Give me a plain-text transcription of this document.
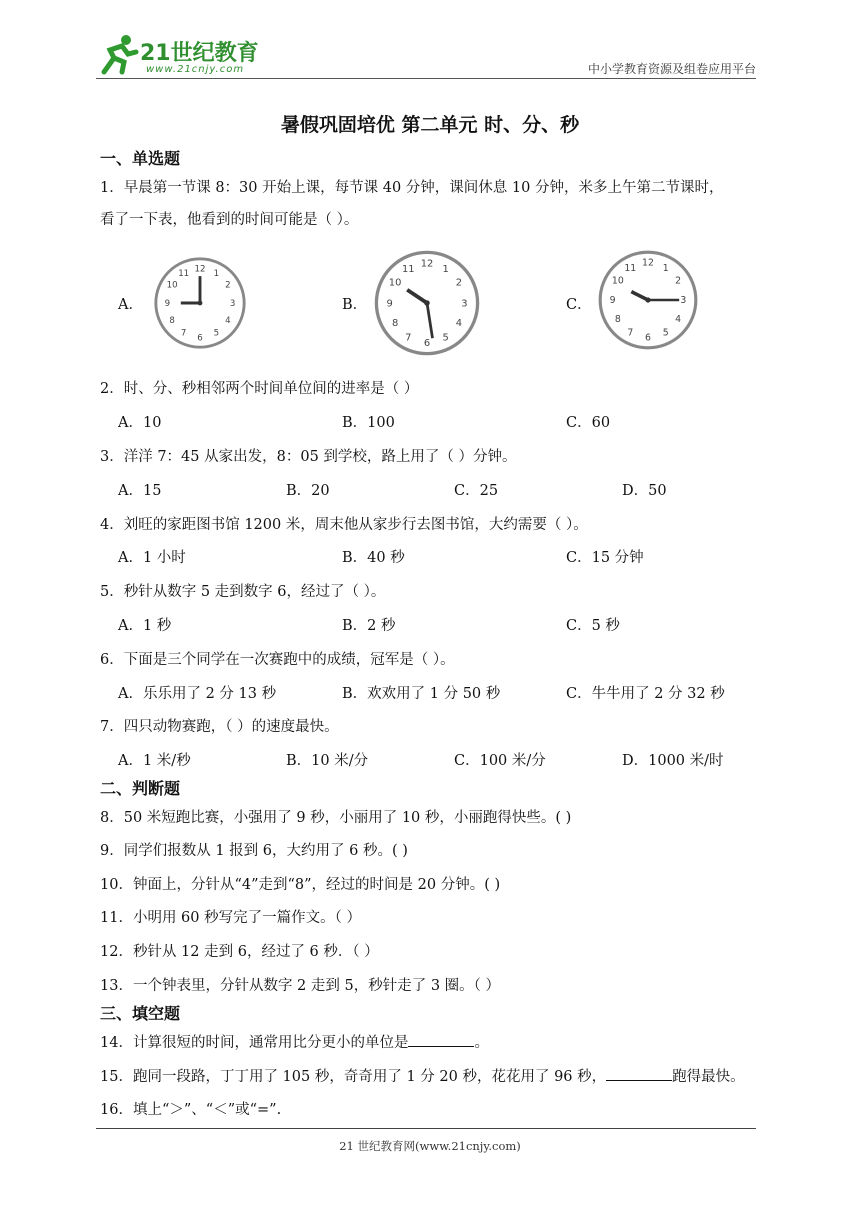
21世纪教育
www.21cnjy.com	中小学教育资源及组卷应用平台
暑假巩固培优 第二单元 时、分、秒
一、单选题
1．早晨第一节课 8：30 开始上课，每节课 40 分钟，课间休息 10 分钟，米多上午第二节课时，
看了一下表，他看到的时间可能是（ ）。
A．	B．	C．
12 1
2
3
4
5
6
7
8
9
10
11
12 1
2
3
4
5
6
7
8
9
10
11
12 1
2
3
4
5
6
7
8
9
10
11
2．时、分、秒相邻两个时间单位间的进率是（ ）
A．10	B．100	C．60
3．洋洋 7：45 从家出发，8：05 到学校，路上用了（ ）分钟。
A．15	B．20	C．25	D．50
4．刘旺的家距图书馆 1200 米，周末他从家步行去图书馆，大约需要（ ）。
A．1 小时	B．40 秒	C．15 分钟
5．秒针从数字 5 走到数字 6，经过了（ ）。
A．1 秒	B．2 秒	C．5 秒
6．下面是三个同学在一次赛跑中的成绩，冠军是（ ）。
A．乐乐用了 2 分 13 秒	B．欢欢用了 1 分 50 秒	C．牛牛用了 2 分 32 秒
7．四只动物赛跑，（ ）的速度最快。
A．1 米/秒	B．10 米/分	C．100 米/分	D．1000 米/时
二、判断题
8．50 米短跑比赛，小强用了 9 秒，小丽用了 10 秒，小丽跑得快些。( )
9．同学们报数从 1 报到 6，大约用了 6 秒。( )
10．钟面上，分针从“4”走到“8”，经过的时间是 20 分钟。( )
11．小明用 60 秒写完了一篇作文。（ ）
12．秒针从 12 走到 6，经过了 6 秒．（ ）
13．一个钟表里，分针从数字 2 走到 5，秒针走了 3 圈。（ ）
三、填空题
14．计算很短的时间，通常用比分更小的单位是	。
15．跑同一段路，丁丁用了 105 秒，奇奇用了 1 分 20 秒，花花用了 96 秒，	跑得最快。
16．填上“＞”、“＜”或“=”.
21 世纪教育网(www.21cnjy.com)
